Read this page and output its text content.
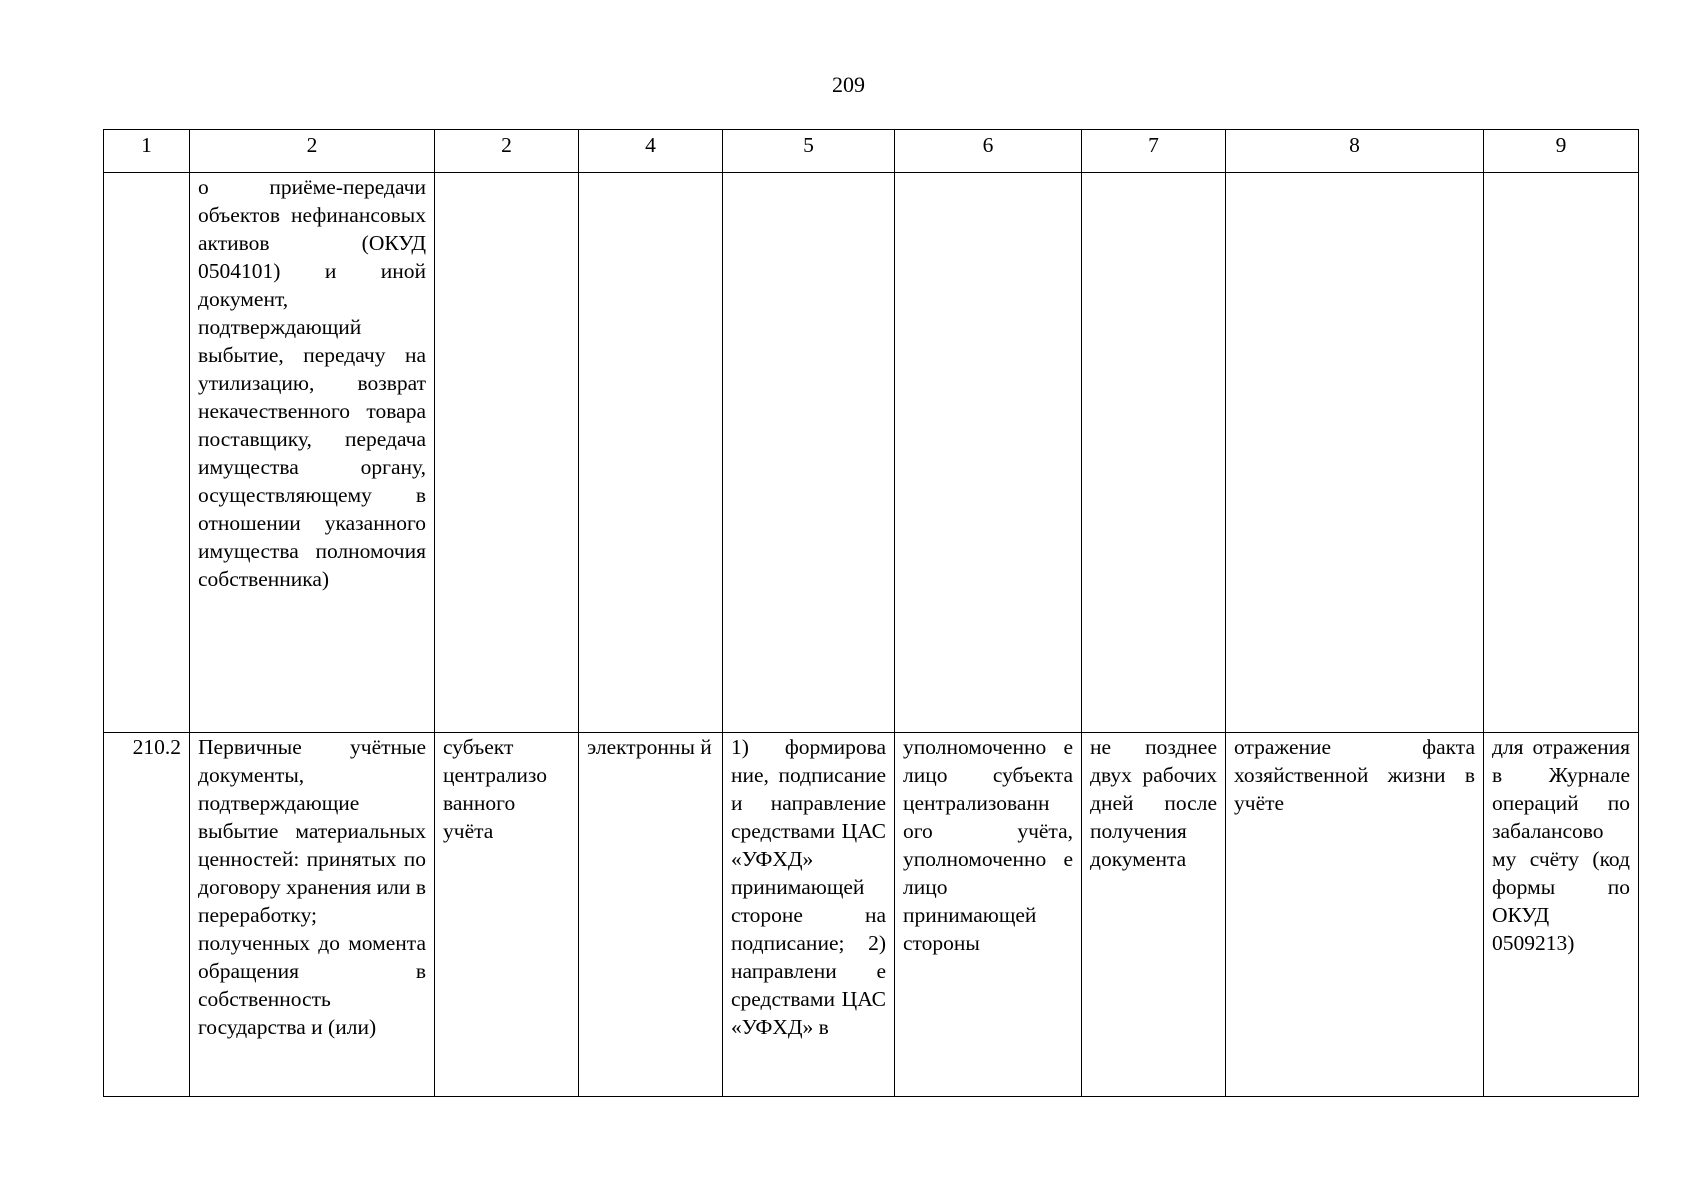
209
1	2	2	4	5	6	7	8	9
	о приёме-передачи объектов нефинансовых активов (ОКУД 0504101) и иной документ, подтверждающий выбытие, передачу на утилизацию, возврат некачественного товара поставщику, передача имущества органу, осуществляющему в отношении указанного имущества полномочия собственника)							
210.2	Первичные учётные документы, подтверждающие выбытие материальных ценностей: принятых по договору хранения или в переработку; полученных до момента обращения в собственность государства и (или)	субъект централизо ванного учёта	электронны й	1) формирова ние, подписание и направление средствами ЦАС «УФХД» принимающей стороне на подписание; 2) направлени е средствами ЦАС «УФХД» в	уполномоченно е лицо субъекта централизованн ого учёта, уполномоченно е лицо принимающей стороны	не позднее двух рабочих дней после получения документа	отражение факта хозяйственной жизни в учёте	для отражения в Журнале операций по забалансово му счёту (код формы по ОКУД 0509213)
